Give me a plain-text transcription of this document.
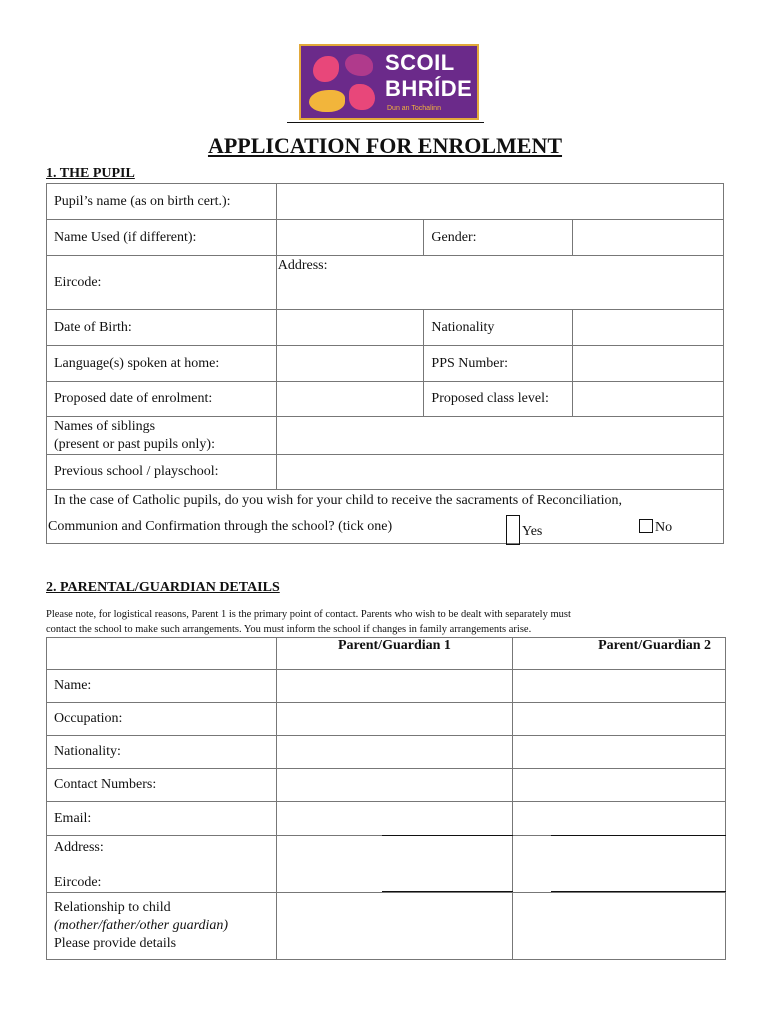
SCOIL
BHRÍDE
Dun an Tochalinn
APPLICATION FOR ENROLMENT
1. THE PUPIL
Pupil’s name (as on birth cert.):			
Name Used (if different):		Gender:	
Eircode:	Address:		
Date of Birth:		Nationality	
Language(s) spoken at home:		PPS Number:	
Proposed date of enrolment:		Proposed class level:	

Names of siblings
(present or past pupils only):			

Previous school / playschool:			

In the case of Catholic pupils, do you wish for your child to receive the sacraments of Reconciliation,
Communion and Confirmation through the school? (tick one) Yes No			
2. PARENTAL/GUARDIAN DETAILS
Please note, for logistical reasons, Parent 1 is the primary point of contact. Parents who wish to be dealt with separately must
contact the school to make such arrangements. You must inform the school if changes in family arrangements arise.
	Parent/Guardian 1	Parent/Guardian 2
Name:		
Occupation:		
Nationality:		
Contact Numbers:		
Email:		

Address:
Eircode:		

Relationship to child
(mother/father/other guardian)
Please provide details		
